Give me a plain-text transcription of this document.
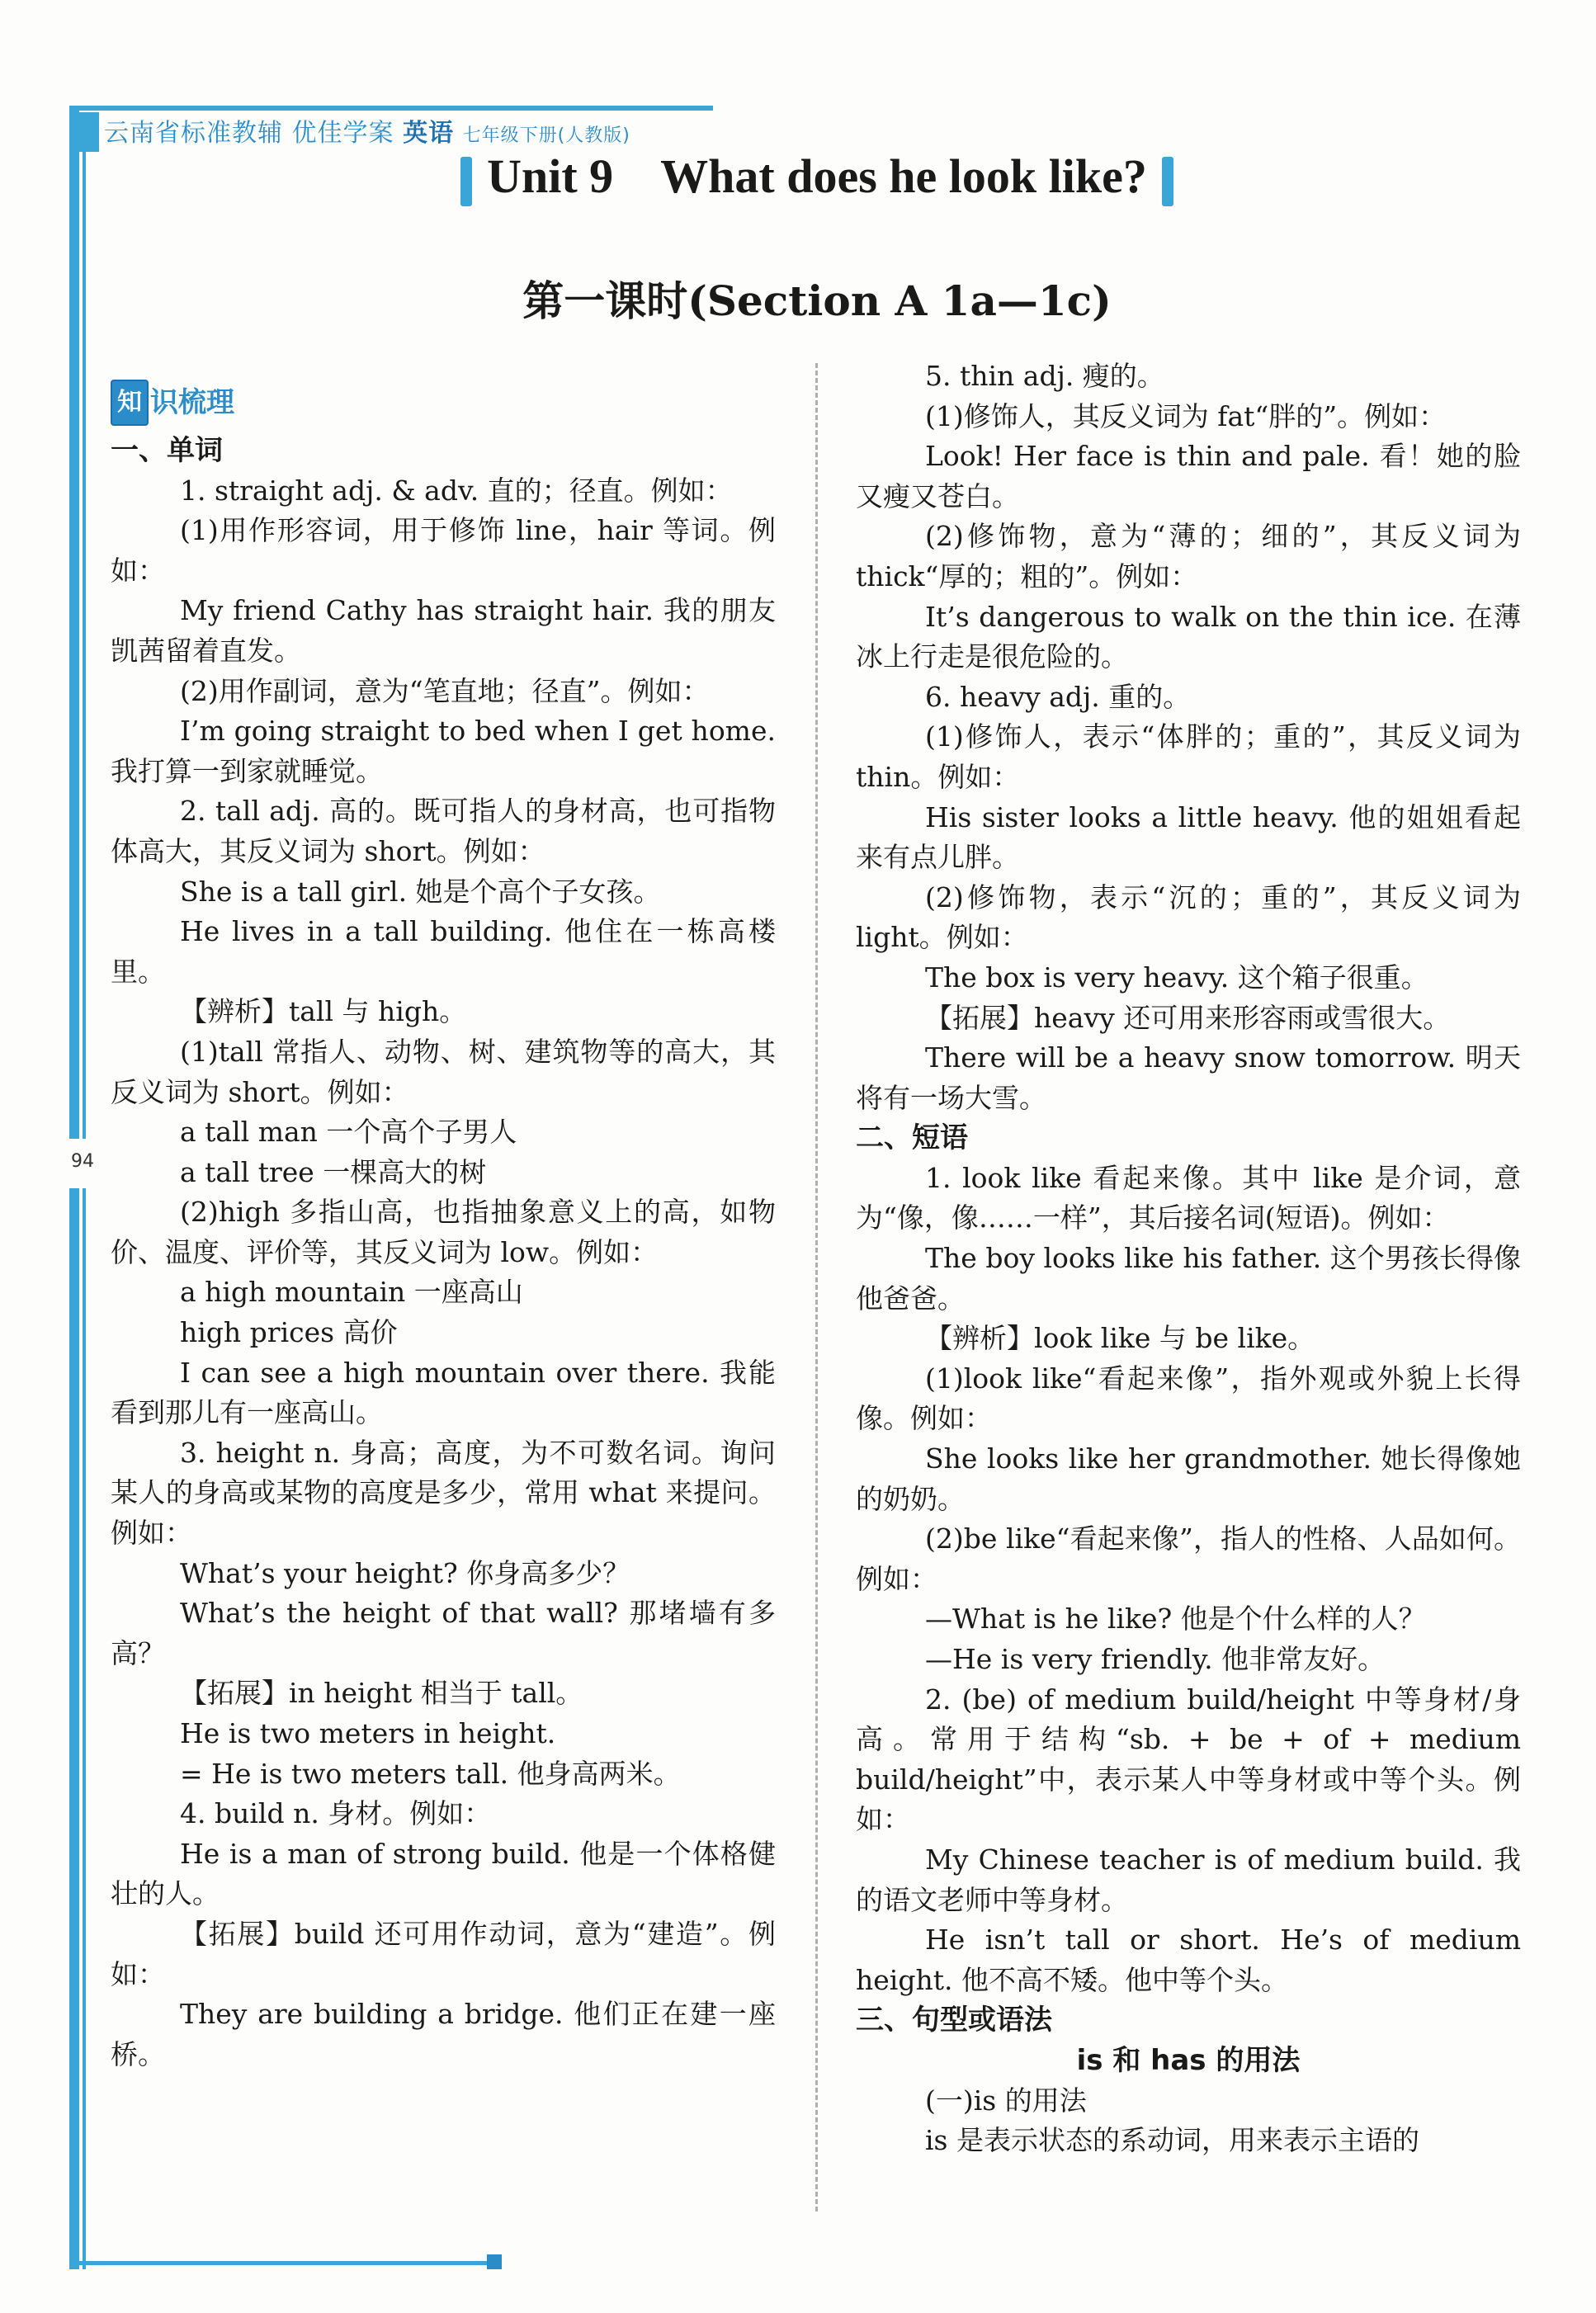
云南省标准教辅 优佳学案 英语 七年级下册(人教版)
94
Unit 9    What does he look like?
第一课时(Section A 1a—1c)
知 识梳理

一、单词

1. straight adj. & adv. 直的；径直。例如：

(1)用作形容词，用于修饰 line，hair 等词。例如：

My friend Cathy has straight hair. 我的朋友凯茜留着直发。

(2)用作副词，意为“笔直地；径直”。例如：

I’m going straight to bed when I get home. 我打算一到家就睡觉。

2. tall adj. 高的。既可指人的身材高，也可指物体高大，其反义词为 short。例如：

She is a tall girl. 她是个高个子女孩。

He lives in a tall building. 他住在一栋高楼里。

【辨析】tall 与 high。

(1)tall 常指人、动物、树、建筑物等的高大，其反义词为 short。例如：

a tall man 一个高个子男人

a tall tree 一棵高大的树

(2)high 多指山高，也指抽象意义上的高，如物价、温度、评价等，其反义词为 low。例如：

a high mountain 一座高山

high prices 高价

I can see a high mountain over there. 我能看到那儿有一座高山。

3. height n. 身高；高度，为不可数名词。询问某人的身高或某物的高度是多少，常用 what 来提问。例如：

What’s your height? 你身高多少？

What’s the height of that wall? 那堵墙有多高？

【拓展】in height 相当于 tall。

He is two meters in height.

= He is two meters tall. 他身高两米。

4. build n. 身材。例如：

He is a man of strong build. 他是一个体格健壮的人。

【拓展】build 还可用作动词，意为“建造”。例如：

They are building a bridge. 他们正在建一座桥。

5. thin adj. 瘦的。

(1)修饰人，其反义词为 fat“胖的”。例如：

Look! Her face is thin and pale. 看！她的脸又瘦又苍白。

(2)修饰物，意为“薄的；细的”，其反义词为 thick“厚的；粗的”。例如：

It’s dangerous to walk on the thin ice. 在薄冰上行走是很危险的。

6. heavy adj. 重的。

(1)修饰人，表示“体胖的；重的”，其反义词为 thin。例如：

His sister looks a little heavy. 他的姐姐看起来有点儿胖。

(2)修饰物，表示“沉的；重的”，其反义词为 light。例如：

The box is very heavy. 这个箱子很重。

【拓展】heavy 还可用来形容雨或雪很大。

There will be a heavy snow tomorrow. 明天将有一场大雪。

二、短语

1. look like 看起来像。其中 like 是介词，意为“像，像……一样”，其后接名词(短语)。例如：

The boy looks like his father. 这个男孩长得像他爸爸。

【辨析】look like 与 be like。

(1)look like“看起来像”，指外观或外貌上长得像。例如：

She looks like her grandmother. 她长得像她的奶奶。

(2)be like“看起来像”，指人的性格、人品如何。例如：

—What is he like? 他是个什么样的人？

—He is very friendly. 他非常友好。

2. (be) of medium build/height 中等身材/身高。常用于结构“sb. + be + of + medium build/height”中，表示某人中等身材或中等个头。例如：

My Chinese teacher is of medium build. 我的语文老师中等身材。

He isn’t tall or short. He’s of medium height. 他不高不矮。他中等个头。

三、句型或语法

is 和 has 的用法

(一)is 的用法

is 是表示状态的系动词，用来表示主语的
